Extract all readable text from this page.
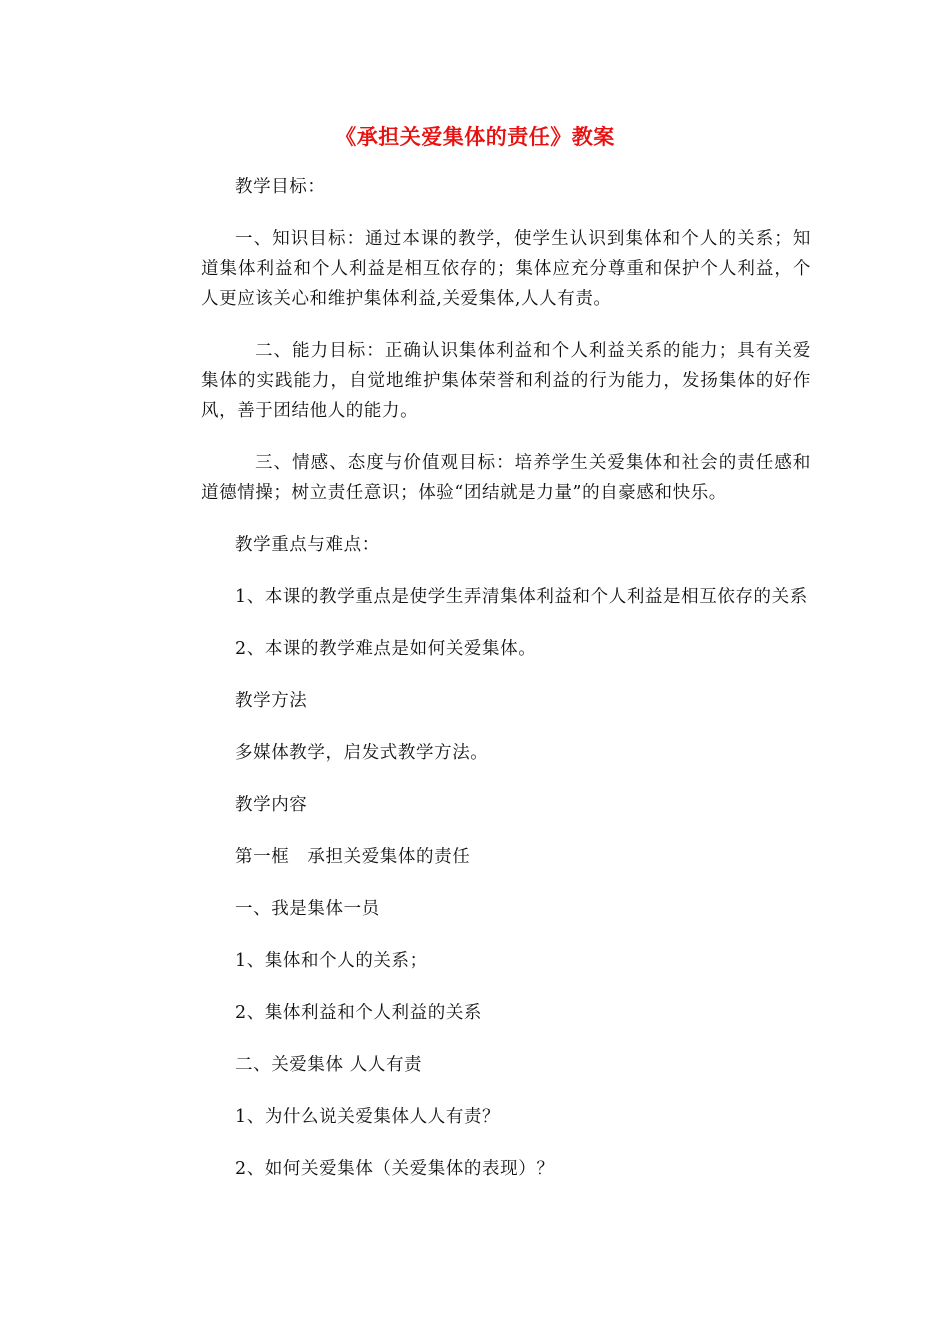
《承担关爱集体的责任》教案

教学目标：

一、知识目标：通过本课的教学，使学生认识到集体和个人的关系；知道集体利益和个人利益是相互依存的；集体应充分尊重和保护个人利益，个人更应该关心和维护集体利益,关爱集体,人人有责。

二、能力目标：正确认识集体利益和个人利益关系的能力；具有关爱集体的实践能力，自觉地维护集体荣誉和利益的行为能力，发扬集体的好作风，善于团结他人的能力。

三、情感、态度与价值观目标：培养学生关爱集体和社会的责任感和道德情操；树立责任意识；体验“团结就是力量”的自豪感和快乐。

教学重点与难点：

1、本课的教学重点是使学生弄清集体利益和个人利益是相互依存的关系

2、本课的教学难点是如何关爱集体。

教学方法

多媒体教学，启发式教学方法。

教学内容

第一框　承担关爱集体的责任

一、我是集体一员

1、集体和个人的关系；

2、集体利益和个人利益的关系

二、关爱集体 人人有责

1、为什么说关爱集体人人有责？

2、如何关爱集体（关爱集体的表现）？
